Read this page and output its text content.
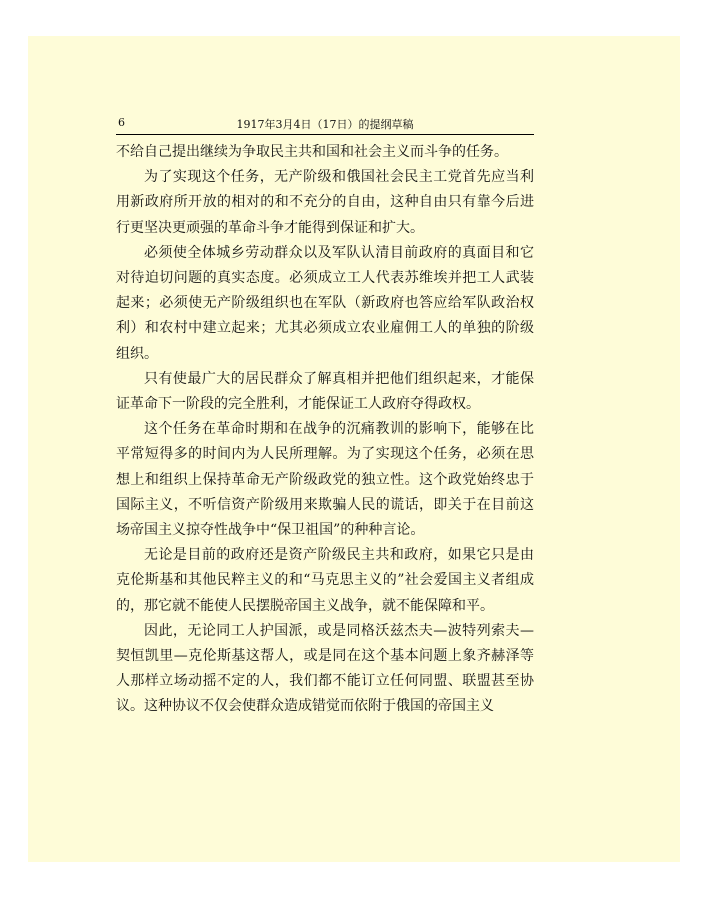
6	1917年3月4日（17日）的提纲草稿

不给自己提出继续为争取民主共和国和社会主义而斗争的任务。

为了实现这个任务，无产阶级和俄国社会民主工党首先应当利用新政府所开放的相对的和不充分的自由，这种自由只有靠今后进行更坚决更顽强的革命斗争才能得到保证和扩大。

必须使全体城乡劳动群众以及军队认清目前政府的真面目和它对待迫切问题的真实态度。必须成立工人代表苏维埃并把工人武装起来；必须使无产阶级组织也在军队（新政府也答应给军队政治权利）和农村中建立起来；尤其必须成立农业雇佣工人的单独的阶级组织。

只有使最广大的居民群众了解真相并把他们组织起来，才能保证革命下一阶段的完全胜利，才能保证工人政府夺得政权。

这个任务在革命时期和在战争的沉痛教训的影响下，能够在比平常短得多的时间内为人民所理解。为了实现这个任务，必须在思想上和组织上保持革命无产阶级政党的独立性。这个政党始终忠于国际主义，不听信资产阶级用来欺骗人民的谎话，即关于在目前这场帝国主义掠夺性战争中“保卫祖国”的种种言论。

无论是目前的政府还是资产阶级民主共和政府，如果它只是由克伦斯基和其他民粹主义的和“马克思主义的”社会爱国主义者组成的，那它就不能使人民摆脱帝国主义战争，就不能保障和平。

因此，无论同工人护国派，或是同格沃兹杰夫—波特列索夫—契恒凯里—克伦斯基这帮人，或是同在这个基本问题上象齐赫泽等人那样立场动摇不定的人，我们都不能订立任何同盟、联盟甚至协议。这种协议不仅会使群众造成错觉而依附于俄国的帝国主义
